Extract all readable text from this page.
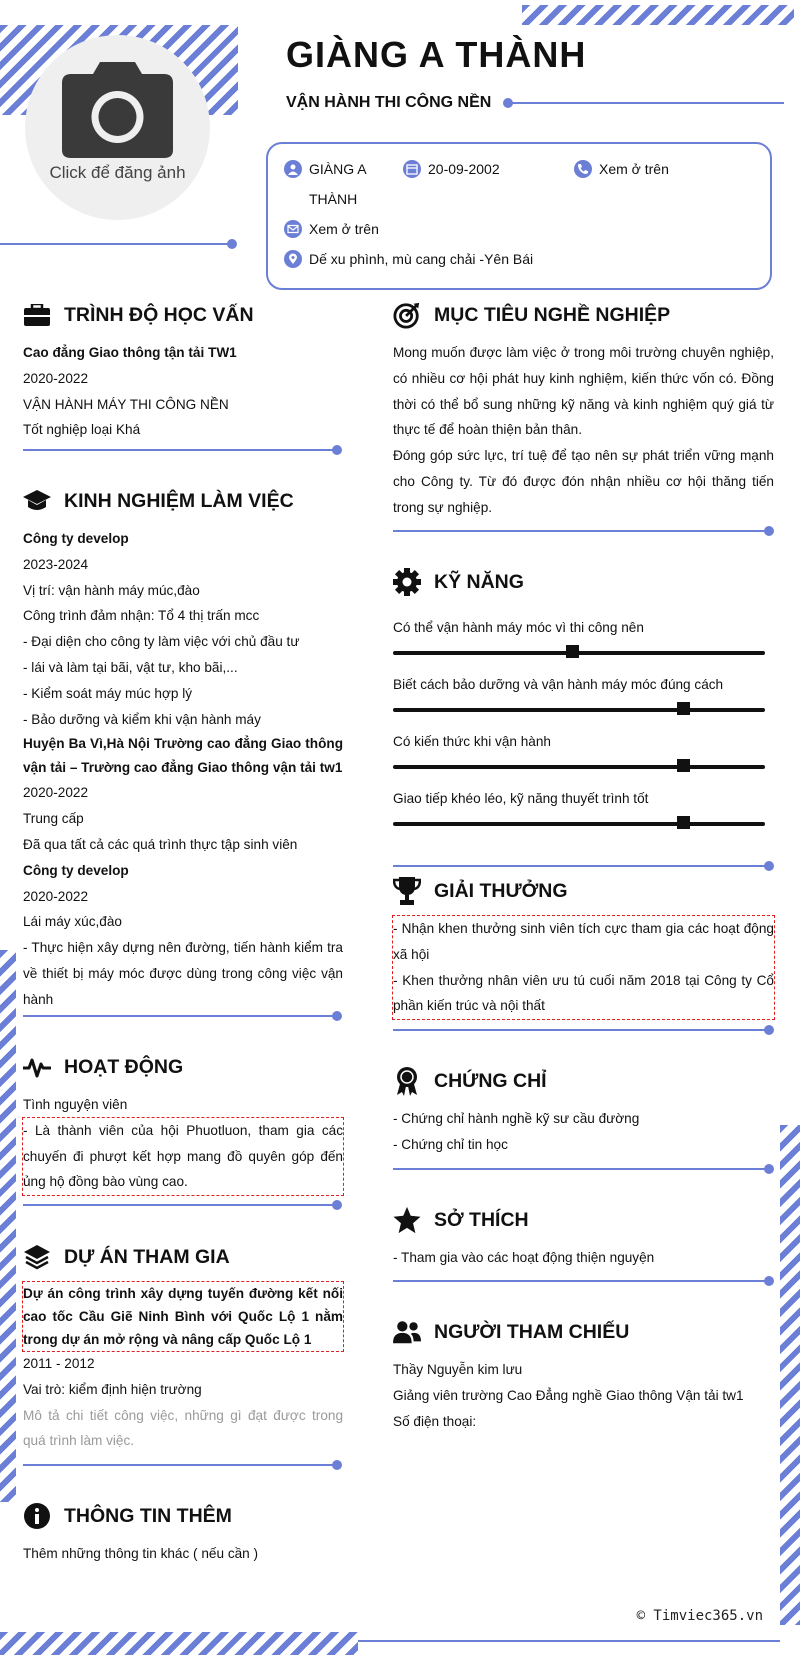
Click để đăng ảnh
GIÀNG A THÀNH
VẬN HÀNH THI CÔNG NỀN
GIÀNG A
THÀNH
20-09-2002	Xem ở trên
Xem ở trên
Dế xu phình, mù cang chải -Yên Bái
TRÌNH ĐỘ HỌC VẤN
Cao đẳng Giao thông tận tải TW1
2020-2022
VẬN HÀNH MÁY THI CÔNG NỀN
Tốt nghiệp loại Khá
KINH NGHIỆM LÀM VIỆC
Công ty develop
2023-2024
Vị trí: vận hành máy múc,đào
Công trình đảm nhận: Tổ 4 thị trấn mcc
- Đại diện cho công ty làm việc với chủ đầu tư
- lái và làm tại bãi, vật tư, kho bãi,...
- Kiểm soát máy múc hợp lý
- Bảo dưỡng và kiểm khi vận hành máy
Huyện Ba Vì,Hà Nội Trường cao đẳng Giao thông vận tải – Trường cao đẳng Giao thông vận tải tw1
2020-2022
Trung cấp
Đã qua tất cả các quá trình thực tập sinh viên
Công ty develop
2020-2022
Lái máy xúc,đào
- Thực hiện xây dựng nên đường, tiến hành kiểm tra về thiết bị máy móc được dùng trong công việc vận hành
HOẠT ĐỘNG
Tình nguyện viên
- Là thành viên của hội Phuotluon, tham gia các chuyến đi phượt kết hợp mang đồ quyên góp đến ủng hộ đồng bào vùng cao.
DỰ ÁN THAM GIA
Dự án công trình xây dựng tuyến đường kết nối cao tốc Cầu Giẽ Ninh Bình với Quốc Lộ 1 nằm trong dự án mở rộng và nâng cấp Quốc Lộ 1
2011 - 2012
Vai trò: kiểm định hiện trường
Mô tả chi tiết công việc, những gì đạt được trong quá trình làm việc.
THÔNG TIN THÊM
Thêm những thông tin khác ( nếu cần )
MỤC TIÊU NGHỀ NGHIỆP
Mong muốn được làm việc ở trong môi trường chuyên nghiệp, có nhiều cơ hội phát huy kinh nghiệm, kiến thức vốn có. Đồng thời có thể bổ sung những kỹ năng và kinh nghiệm quý giá từ thực tế để hoàn thiện bản thân.
Đóng góp sức lực, trí tuệ để tạo nên sự phát triển vững mạnh cho Công ty. Từ đó được đón nhận nhiều cơ hội thăng tiến trong sự nghiệp.
KỸ NĂNG
Có thể vận hành máy móc vì thi công nên
Biết cách bảo dưỡng và vận hành máy móc đúng cách
Có kiến thức khi vận hành
Giao tiếp khéo léo, kỹ năng thuyết trình tốt
GIẢI THƯỞNG
- Nhận khen thưởng sinh viên tích cực tham gia các hoạt động xã hội
- Khen thưởng nhân viên ưu tú cuối năm 2018 tại Công ty Cổ phần kiến trúc và nội thất
CHỨNG CHỈ
- Chứng chỉ hành nghề kỹ sư cầu đường
- Chứng chỉ tin học
SỞ THÍCH
- Tham gia vào các hoạt động thiện nguyện
NGƯỜI THAM CHIẾU
Thầy Nguyễn kim lưu
Giảng viên trường Cao Đẳng nghề Giao thông Vận tải tw1
Số điện thoại:
© Timviec365.vn
